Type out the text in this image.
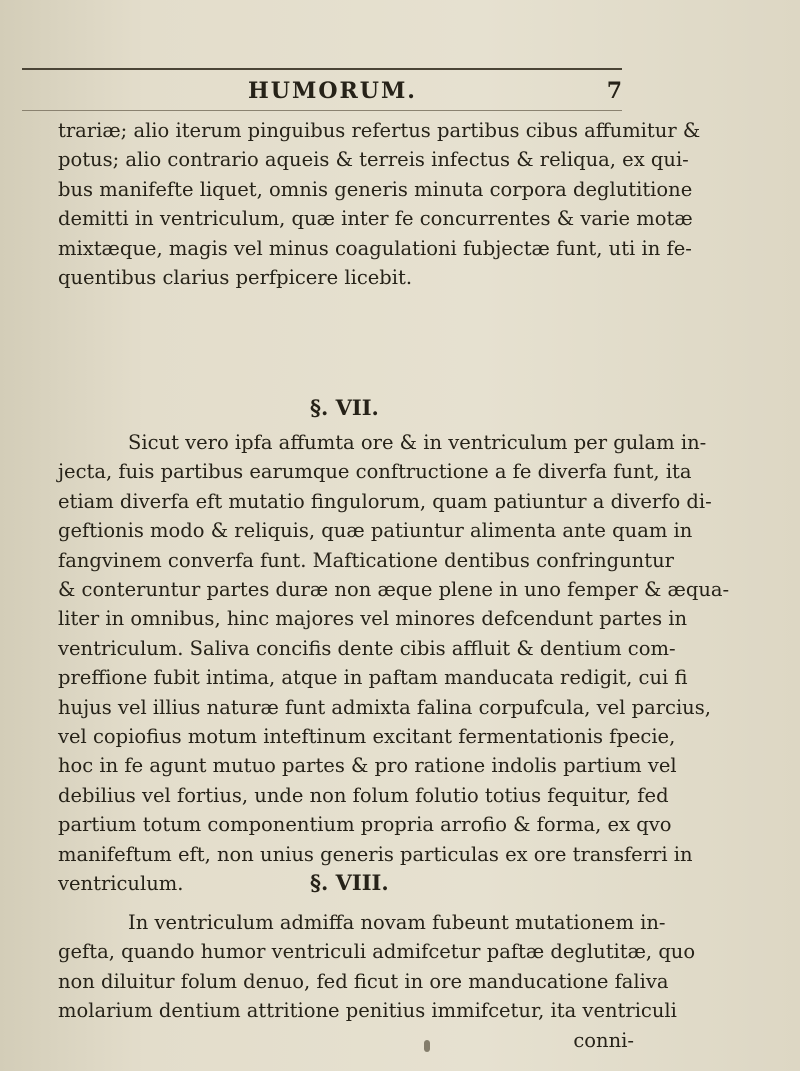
HUMORUM.	7
trariæ; alio iterum pinguibus refertus partibus cibus affumitur &
potus; alio contrario aqueis & terreis infectus & reliqua, ex qui-
bus manifefte liquet, omnis generis minuta corpora deglutitione
demitti in ventriculum, quæ inter fe concurrentes & varie motæ
mixtæque, magis vel minus coagulationi fubjectæ funt, uti in fe-
quentibus clarius perfpicere licebit.
§. VII.
Sicut vero ipfa affumta ore & in ventriculum per gulam in-
jecta, fuis partibus earumque conftructione a fe diverfa funt, ita
etiam diverfa eft mutatio fingulorum, quam patiuntur a diverfo di-
geftionis modo & reliquis, quæ patiuntur alimenta ante quam in
fangvinem converfa funt. Mafticatione dentibus confringuntur
& conteruntur partes duræ non æque plene in uno femper & æqua-
liter in omnibus, hinc majores vel minores defcendunt partes in
ventriculum. Saliva concifis dente cibis affluit & dentium com-
preffione fubit intima, atque in paftam manducata redigit, cui fi
hujus vel illius naturæ funt admixta falina corpufcula, vel parcius,
vel copiofius motum inteftinum excitant fermentationis fpecie,
hoc in fe agunt mutuo partes & pro ratione indolis partium vel
debilius vel fortius, unde non folum folutio totius fequitur, fed
partium totum componentium propria arrofio & forma, ex qvo
manifeftum eft, non unius generis particulas ex ore transferri in
ventriculum.	§. VIII.
In ventriculum admiffa novam fubeunt mutationem in-
gefta, quando humor ventriculi admifcetur paftæ deglutitæ, quo
non diluitur folum denuo, fed ficut in ore manducatione faliva
molarium dentium attritione penitius immifcetur, ita ventriculi
conni-
